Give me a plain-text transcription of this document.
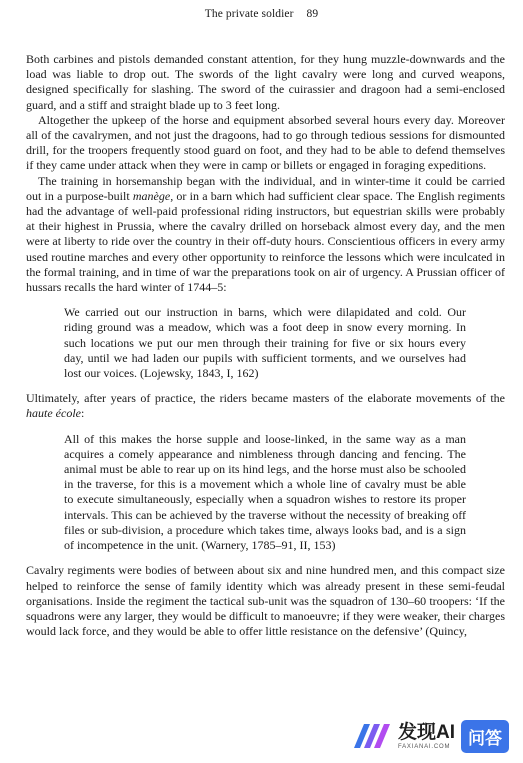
The private soldier 89

Both carbines and pistols demanded constant attention, for they hung muzzle-downwards and the load was liable to drop out. The swords of the light cavalry were long and curved weapons, designed specifically for slashing. The sword of the cuirassier and dragoon had a semi-enclosed guard, and a stiff and straight blade up to 3 feet long.

Altogether the upkeep of the horse and equipment absorbed several hours every day. Moreover all of the cavalrymen, and not just the dragoons, had to go through tedious sessions for dismounted drill, for the troopers frequently stood guard on foot, and they had to be able to defend themselves if they came under attack when they were in camp or billets or engaged in foraging expeditions.

The training in horsemanship began with the individual, and in winter-time it could be carried out in a purpose-built manège, or in a barn which had sufficient clear space. The English regiments had the advantage of well-paid professional riding instructors, but equestrian skills were probably at their highest in Prussia, where the cavalry drilled on horseback almost every day, and the men were at liberty to ride over the country in their off-duty hours. Conscientious officers in every army used routine marches and every other opportunity to reinforce the lessons which were inculcated in the formal training, and in time of war the preparations took on air of urgency. A Prussian officer of hussars recalls the hard winter of 1744–5:

We carried out our instruction in barns, which were dilapidated and cold. Our riding ground was a meadow, which was a foot deep in snow every morning. In such locations we put our men through their training for five or six hours every day, until we had laden our pupils with sufficient torments, and we ourselves had lost our voices. (Lojewsky, 1843, I, 162)

Ultimately, after years of practice, the riders became masters of the elaborate movements of the haute école:

All of this makes the horse supple and loose-linked, in the same way as a man acquires a comely appearance and nimbleness through dancing and fencing. The animal must be able to rear up on its hind legs, and the horse must also be schooled in the traverse, for this is a movement which a whole line of cavalry must be able to execute simultaneously, especially when a squadron wishes to restore its proper intervals. This can be achieved by the traverse without the necessity of breaking off files or sub-division, a procedure which takes time, always looks bad, and is a sign of incompetence in the unit. (Warnery, 1785–91, II, 153)

Cavalry regiments were bodies of between about six and nine hundred men, and this compact size helped to reinforce the sense of family identity which was already present in these semi-feudal organisations. Inside the regiment the tactical sub-unit was the squadron of 130–60 troopers: ‘If the squadrons were any larger, they would be difficult to manoeuvre; if they were weaker, their charges would lack force, and they would be able to offer little resistance on the defensive’ (Quincy,

发现AI
FAXIANAI.COM	问答
